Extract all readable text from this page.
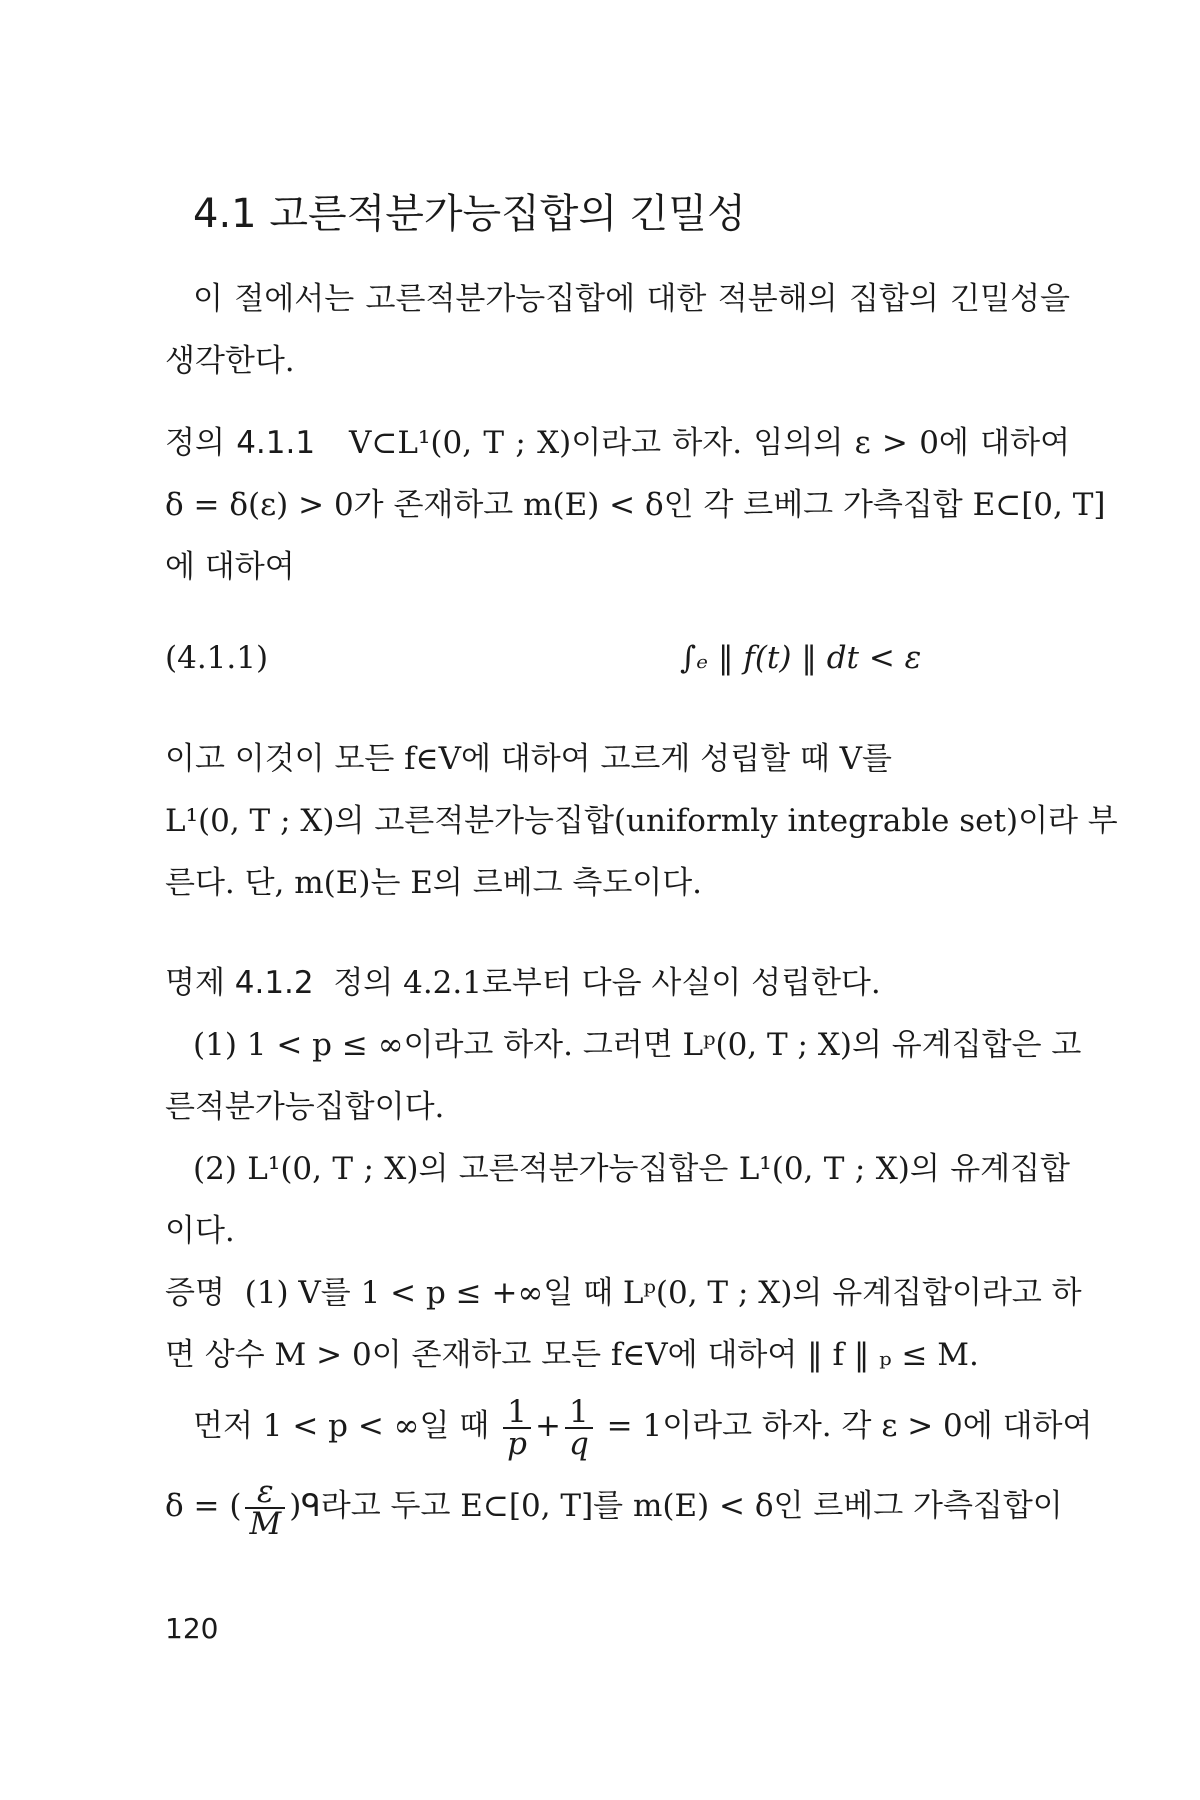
4.1 고른적분가능집합의 긴밀성
이 절에서는 고른적분가능집합에 대한 적분해의 집합의 긴밀성을
생각한다.
정의 4.1.1 V⊂L¹(0, T ; X)이라고 하자. 임의의 ε > 0에 대하여
δ = δ(ε) > 0가 존재하고 m(E) < δ인 각 르베그 가측집합 E⊂[0, T]
에 대하여
(4.1.1)	∫ₑ ‖ f(t) ‖ dt < ε
이고 이것이 모든 f∈V에 대하여 고르게 성립할 때 V를
L¹(0, T ; X)의 고른적분가능집합(uniformly integrable set)이라 부
른다. 단, m(E)는 E의 르베그 측도이다.
명제 4.1.2 정의 4.2.1로부터 다음 사실이 성립한다.
(1) 1 < p ≤ ∞이라고 하자. 그러면 Lᵖ(0, T ; X)의 유계집합은 고
른적분가능집합이다.
(2) L¹(0, T ; X)의 고른적분가능집합은 L¹(0, T ; X)의 유계집합
이다.
증명 (1) V를 1 < p ≤ +∞일 때 Lᵖ(0, T ; X)의 유계집합이라고 하
면 상수 M > 0이 존재하고 모든 f∈V에 대하여 ‖ f ‖ ₚ ≤ M.
먼저 1 < p < ∞일 때 $\frac{1}{p} + \frac{1}{q} = 1$이라고 하자. 각 ε > 0에 대하여
δ = ( $\frac{\varepsilon}{M}$ )ᑫ라고 두고 E⊂[0, T]를 m(E) < δ인 르베그 가측집합이
120
